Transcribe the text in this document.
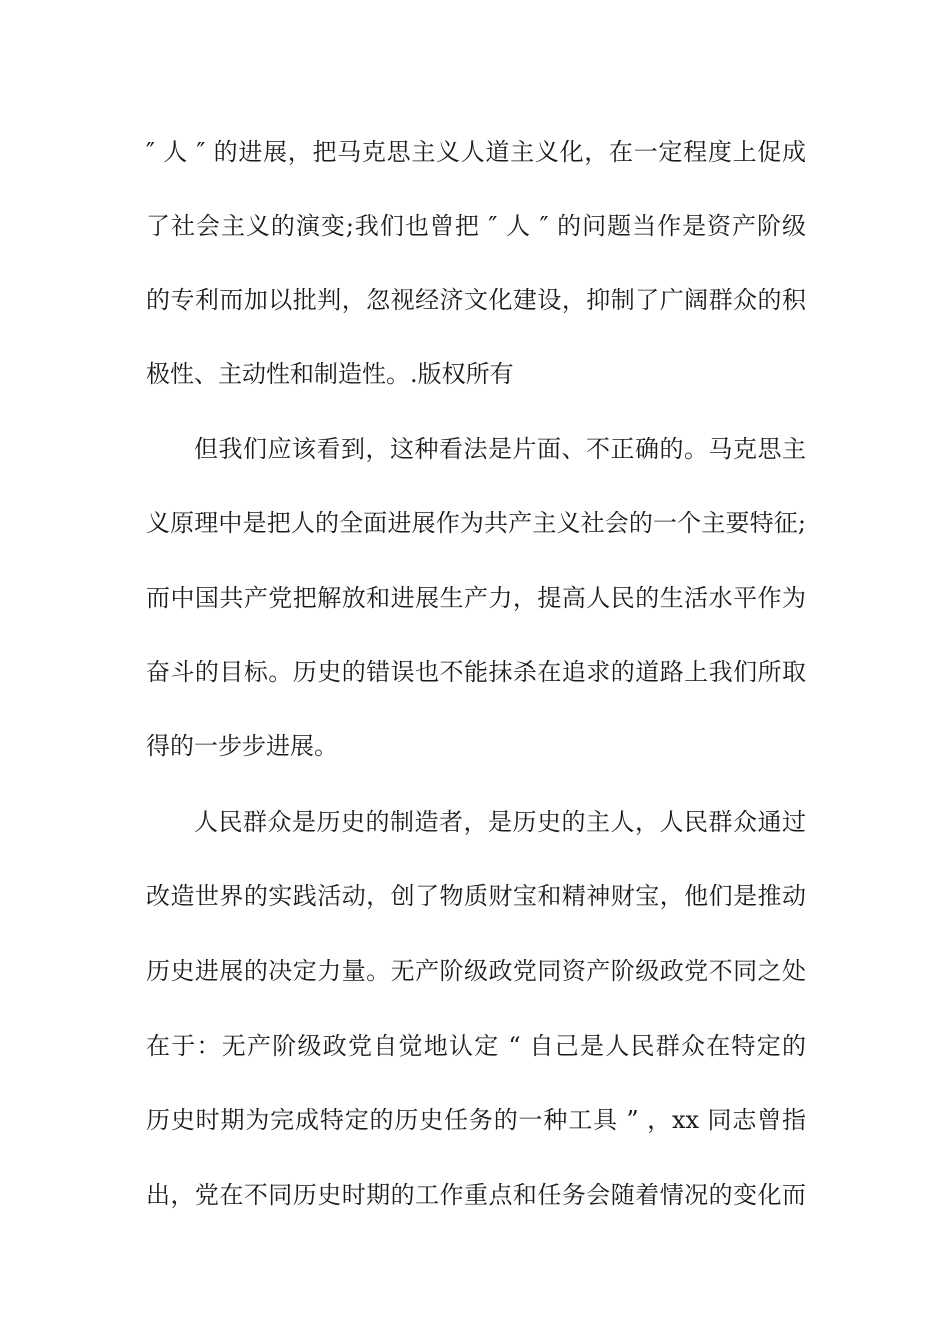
″ 人 ″ 的进展，把马克思主义人道主义化，在一定程度上促成
了社会主义的演变;我们也曾把 ″ 人 ″ 的问题当作是资产阶级
的专利而加以批判，忽视经济文化建设，抑制了广阔群众的积
极性、主动性和制造性。.版权所有
但我们应该看到，这种看法是片面、不正确的。马克思主
义原理中是把人的全面进展作为共产主义社会的一个主要特征;
而中国共产党把解放和进展生产力，提高人民的生活水平作为
奋斗的目标。历史的错误也不能抹杀在追求的道路上我们所取
得的一步步进展。
人民群众是历史的制造者，是历史的主人，人民群众通过
改造世界的实践活动，创了物质财宝和精神财宝，他们是推动
历史进展的决定力量。无产阶级政党同资产阶级政党不同之处
在于：无产阶级政党自觉地认定 “ 自己是人民群众在特定的
历史时期为完成特定的历史任务的一种工具 ” ，xx 同志曾指
出，党在不同历史时期的工作重点和任务会随着情况的变化而
